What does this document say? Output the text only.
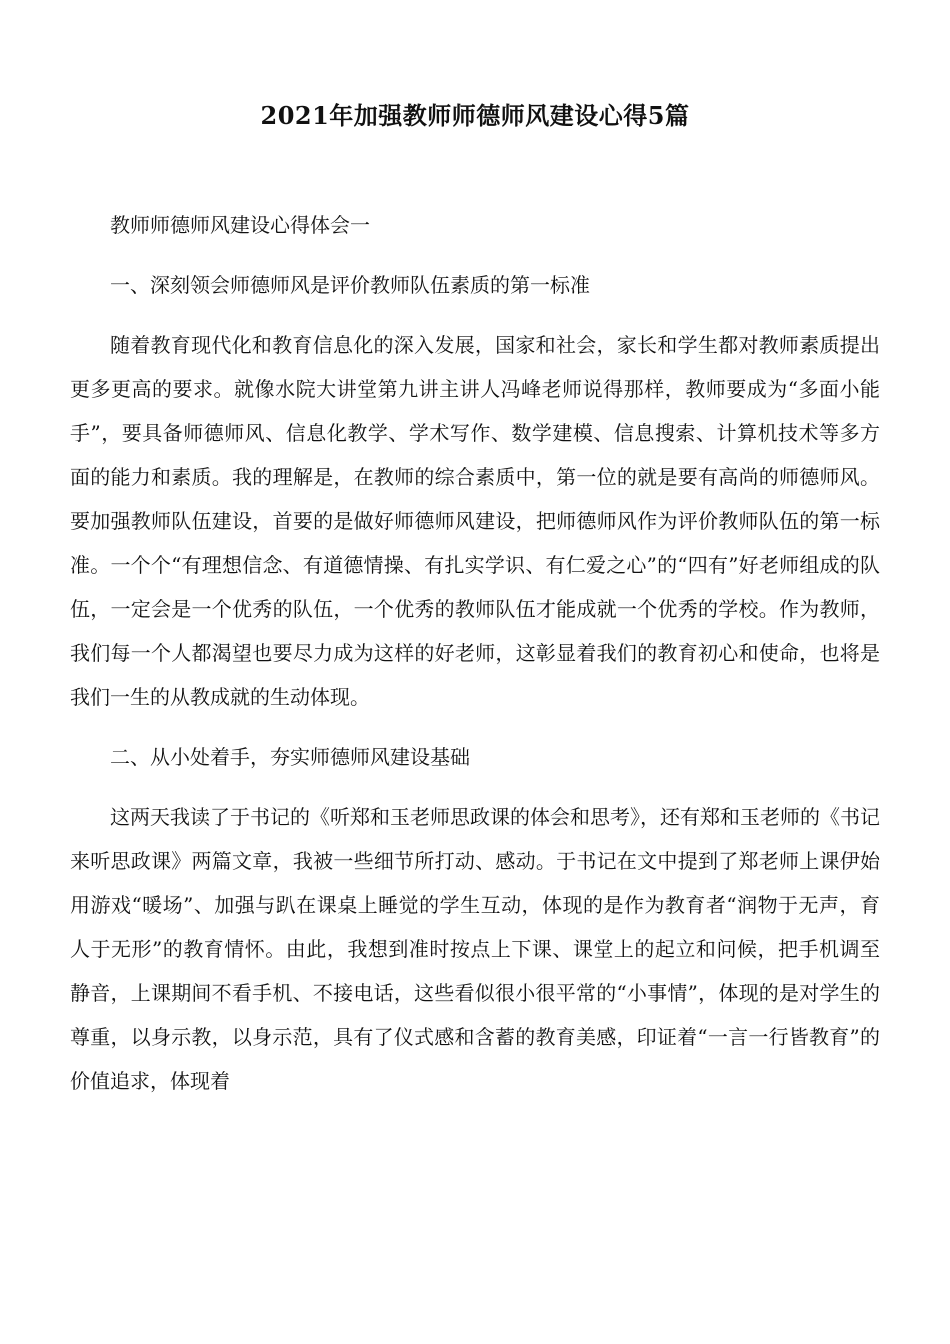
2021年加强教师师德师风建设心得5篇

教师师德师风建设心得体会一

一、深刻领会师德师风是评价教师队伍素质的第一标准

随着教育现代化和教育信息化的深入发展，国家和社会，家长和学生都对教师素质提出更多更高的要求。就像水院大讲堂第九讲主讲人冯峰老师说得那样，教师要成为“多面小能手”，要具备师德师风、信息化教学、学术写作、数学建模、信息搜索、计算机技术等多方面的能力和素质。我的理解是，在教师的综合素质中，第一位的就是要有高尚的师德师风。要加强教师队伍建设，首要的是做好师德师风建设，把师德师风作为评价教师队伍的第一标准。一个个“有理想信念、有道德情操、有扎实学识、有仁爱之心”的“四有”好老师组成的队伍，一定会是一个优秀的队伍，一个优秀的教师队伍才能成就一个优秀的学校。作为教师，我们每一个人都渴望也要尽力成为这样的好老师，这彰显着我们的教育初心和使命，也将是我们一生的从教成就的生动体现。

二、从小处着手，夯实师德师风建设基础

这两天我读了于书记的《听郑和玉老师思政课的体会和思考》，还有郑和玉老师的《书记来听思政课》两篇文章，我被一些细节所打动、感动。于书记在文中提到了郑老师上课伊始用游戏“暖场”、加强与趴在课桌上睡觉的学生互动，体现的是作为教育者“润物于无声，育人于无形”的教育情怀。由此，我想到准时按点上下课、课堂上的起立和问候，把手机调至静音，上课期间不看手机、不接电话，这些看似很小很平常的“小事情”，体现的是对学生的尊重，以身示教，以身示范，具有了仪式感和含蓄的教育美感，印证着“一言一行皆教育”的价值追求，体现着
